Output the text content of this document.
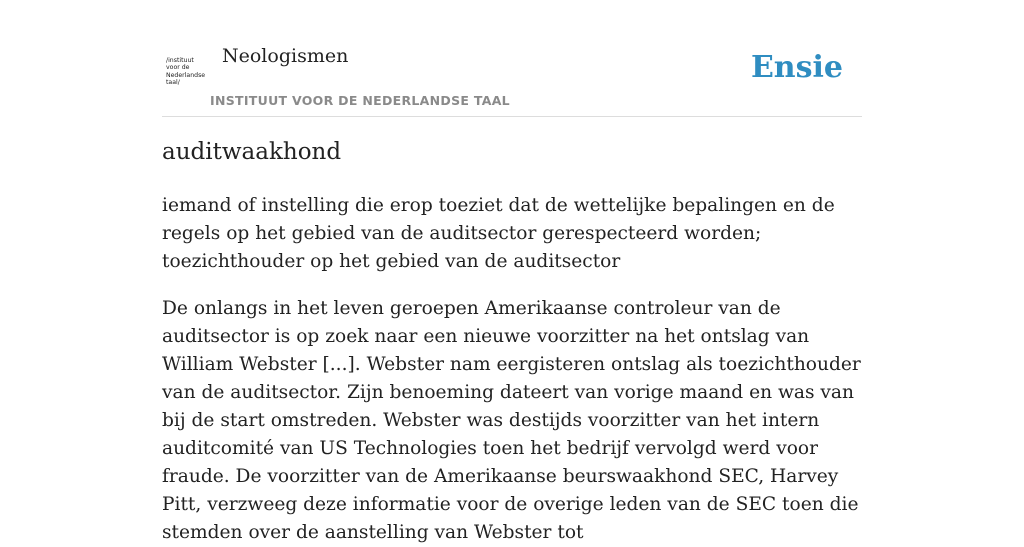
/instituut
voor de
Nederlandse
taal/
Neologismen
INSTITUUT VOOR DE NEDERLANDSE TAAL
Ensie
auditwaakhond

iemand of instelling die erop toeziet dat de wettelijke bepalingen en de regels op het gebied van de auditsector gerespecteerd worden; toezichthouder op het gebied van de auditsector

De onlangs in het leven geroepen Amerikaanse controleur van de auditsector is op zoek naar een nieuwe voorzitter na het ontslag van William Webster [...]. Webster nam eergisteren ontslag als toezichthouder van de auditsector. Zijn benoeming dateert van vorige maand en was van bij de start omstreden. Webster was destijds voorzitter van het intern auditcomité van US Technologies toen het bedrijf vervolgd werd voor fraude. De voorzitter van de Amerikaanse beurswaakhond SEC, Harvey Pitt, verzweeg deze informatie voor de overige leden van de SEC toen die stemden over de aanstelling van Webster tot
